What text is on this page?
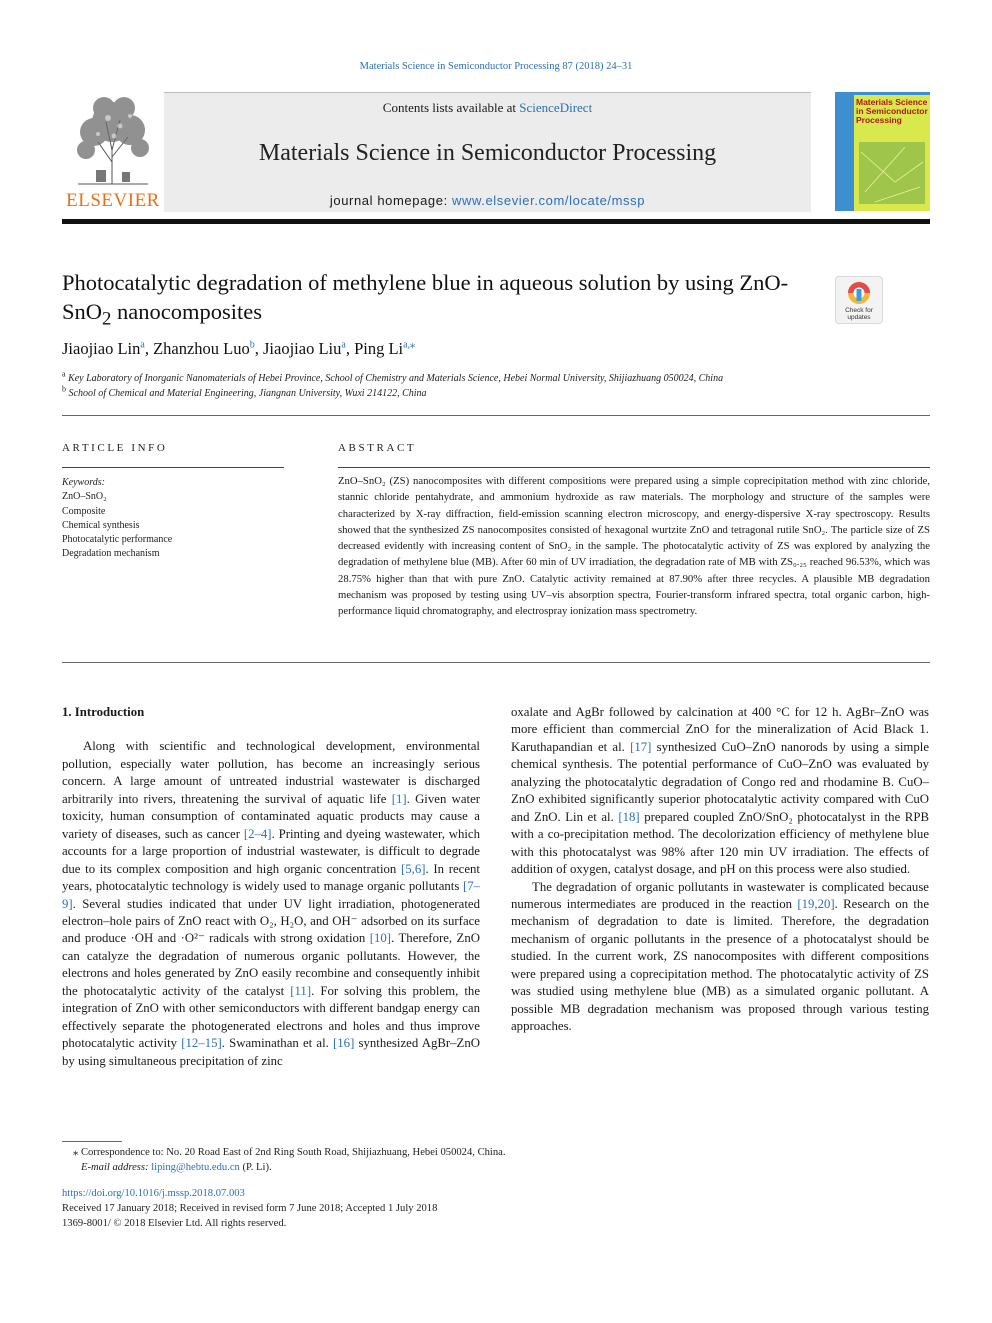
Materials Science in Semiconductor Processing 87 (2018) 24–31
ELSEVIER
Contents lists available at ScienceDirect
Materials Science in Semiconductor Processing
journal homepage: www.elsevier.com/locate/mssp
Materials Science in Semiconductor Processing
Photocatalytic degradation of methylene blue in aqueous solution by using ZnO-SnO$_2$ nanocomposites	Check for updates
Jiaojiao Lin$^a$, Zhanzhou Luo$^b$, Jiaojiao Liu$^a$, Ping $Li^{a,⁎}$
$^a$ Key Laboratory of Inorganic Nanomaterials of Hebei Province, School of Chemistry and Materials Science, Hebei Normal University, Shijiazhuang 050024, China
$^b$ School of Chemical and Material Engineering, Jiangnan University, Wuxi 214122, China
ARTICLE INFO
Keywords:
ZnO–SnO₂
Composite
Chemical synthesis
Photocatalytic performance
Degradation mechanism
ABSTRACT
ZnO–SnO₂ (ZS) nanocomposites with different compositions were prepared using a simple coprecipitation method with zinc chloride, stannic chloride pentahydrate, and ammonium hydroxide as raw materials. The morphology and structure of the samples were characterized by X-ray diffraction, field-emission scanning electron microscopy, and energy-dispersive X-ray spectroscopy. Results showed that the synthesized ZS nanocomposites consisted of hexagonal wurtzite ZnO and tetragonal rutile SnO₂. The particle size of ZS decreased evidently with increasing content of SnO₂ in the sample. The photocatalytic activity of ZS was explored by analyzing the degradation of methylene blue (MB). After 60 min of UV irradiation, the degradation rate of MB with ZS₀.₂₅ reached 96.53%, which was 28.75% higher than that with pure ZnO. Catalytic activity remained at 87.90% after three recycles. A plausible MB degradation mechanism was proposed by testing using UV–vis absorption spectra, Fourier-transform infrared spectra, total organic carbon, high-performance liquid chromatography, and electrospray ionization mass spectrometry.

1. Introduction

Along with scientific and technological development, environmental pollution, especially water pollution, has become an increasingly serious concern. A large amount of untreated industrial wastewater is discharged arbitrarily into rivers, threatening the survival of aquatic life [1]. Given water toxicity, human consumption of contaminated aquatic products may cause a variety of diseases, such as cancer [2–4]. Printing and dyeing wastewater, which accounts for a large proportion of industrial wastewater, is difficult to degrade due to its complex composition and high organic concentration [5,6]. In recent years, photocatalytic technology is widely used to manage organic pollutants [7–9]. Several studies indicated that under UV light irradiation, photogenerated electron–hole pairs of ZnO react with O₂, H₂O, and OH⁻ adsorbed on its surface and produce ·OH and ·O²⁻ radicals with strong oxidation [10]. Therefore, ZnO can catalyze the degradation of numerous organic pollutants. However, the electrons and holes generated by ZnO easily recombine and consequently inhibit the photocatalytic activity of the catalyst [11]. For solving this problem, the integration of ZnO with other semiconductors with different bandgap energy can effectively separate the photogenerated electrons and holes and thus improve photocatalytic activity [12–15]. Swaminathan et al. [16] synthesized AgBr–ZnO by using simultaneous precipitation of zinc

oxalate and AgBr followed by calcination at 400 °C for 12 h. AgBr–ZnO was more efficient than commercial ZnO for the mineralization of Acid Black 1. Karuthapandian et al. [17] synthesized CuO–ZnO nanorods by using a simple chemical synthesis. The potential performance of CuO–ZnO was evaluated by analyzing the photocatalytic degradation of Congo red and rhodamine B. CuO–ZnO exhibited significantly superior photocatalytic activity compared with CuO and ZnO. Lin et al. [18] prepared coupled ZnO/SnO₂ photocatalyst in the RPB with a co-precipitation method. The decolorization efficiency of methylene blue with this photocatalyst was 98% after 120 min UV irradiation. The effects of addition of oxygen, catalyst dosage, and pH on this process were also studied.

The degradation of organic pollutants in wastewater is complicated because numerous intermediates are produced in the reaction [19,20]. Research on the mechanism of degradation to date is limited. Therefore, the degradation mechanism of organic pollutants in the presence of a photocatalyst should be studied. In the current work, ZS nanocomposites with different compositions were prepared using a coprecipitation method. The photocatalytic activity of ZS was studied using methylene blue (MB) as a simulated organic pollutant. A possible MB degradation mechanism was proposed through various testing approaches.

⁎ Correspondence to: No. 20 Road East of 2nd Ring South Road, Shijiazhuang, Hebei 050024, China.

E-mail address: liping@hebtu.edu.cn (P. Li).

https://doi.org/10.1016/j.mssp.2018.07.003

Received 17 January 2018; Received in revised form 7 June 2018; Accepted 1 July 2018

1369-8001/ © 2018 Elsevier Ltd. All rights reserved.
